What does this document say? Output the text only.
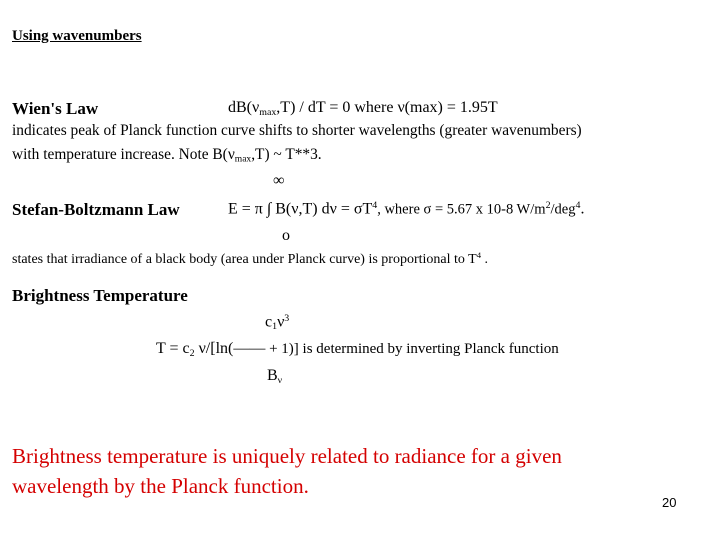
Using wavenumbers
Wien's Law	$dB(\nu_{max},T)$ / dT = 0 where ν(max) = 1.95T
indicates peak of Planck function curve shifts to shorter wavelengths (greater wavenumbers)
with temperature increase. Note $B(\nu_{max},T)$ ~ T**3.
∞
Stefan-Boltzmann Law	E = π ∫ B(ν,T) $d\nu = \sigma T^4$, where σ = 5.67 x 10-8 $W/m^2/deg^4$.
o
states that irradiance of a black body (area under Planck curve) is proportional to $T^4$ .
Brightness Temperature
$c_1\nu^3$
$T = c_2$ ν/[ln(—— + 1)] is determined by inverting Planck function
$B_\nu$
Brightness temperature is uniquely related to radiance for a given
wavelength by the Planck function.
20
